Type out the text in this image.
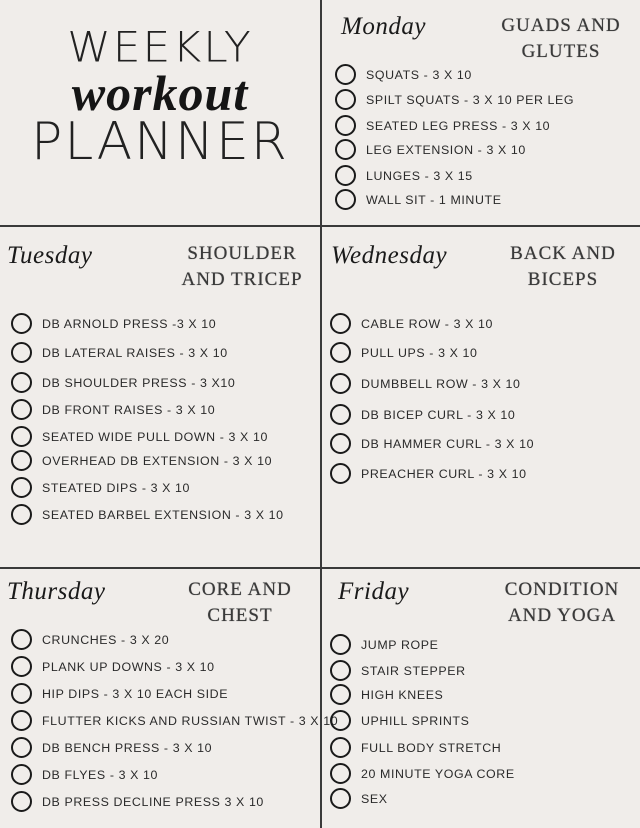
WEEKLY
workout
PLANNER
Monday	GUADS AND
GLUTES
SQUATS - 3 X 10
SPILT SQUATS - 3 X 10 PER LEG
SEATED LEG PRESS - 3 X 10
LEG EXTENSION - 3 X 10
LUNGES - 3 X 15
WALL SIT - 1 MINUTE
Tuesday	SHOULDER
AND TRICEP
DB ARNOLD PRESS -3 X 10
DB LATERAL RAISES - 3 X 10
DB SHOULDER PRESS - 3 X10
DB FRONT RAISES - 3 X 10
SEATED WIDE PULL DOWN - 3 X 10
OVERHEAD DB EXTENSION - 3 X 10
STEATED DIPS - 3 X 10
SEATED BARBEL EXTENSION - 3 X 10
Wednesday	BACK AND
BICEPS
CABLE ROW - 3 X 10
PULL UPS - 3 X 10
DUMBBELL ROW - 3 X 10
DB BICEP CURL - 3 X 10
DB HAMMER CURL - 3 X 10
PREACHER CURL - 3 X 10
Thursday	CORE AND
CHEST
CRUNCHES - 3 X 20
PLANK UP DOWNS - 3 X 10
HIP DIPS - 3 X 10 EACH SIDE
FLUTTER KICKS AND RUSSIAN TWIST - 3 X 10
DB BENCH PRESS - 3 X 10
DB FLYES - 3 X 10
DB PRESS DECLINE PRESS 3 X 10
Friday	CONDITION
AND YOGA
JUMP ROPE
STAIR STEPPER
HIGH KNEES
UPHILL SPRINTS
FULL BODY STRETCH
20 MINUTE YOGA CORE
SEX
